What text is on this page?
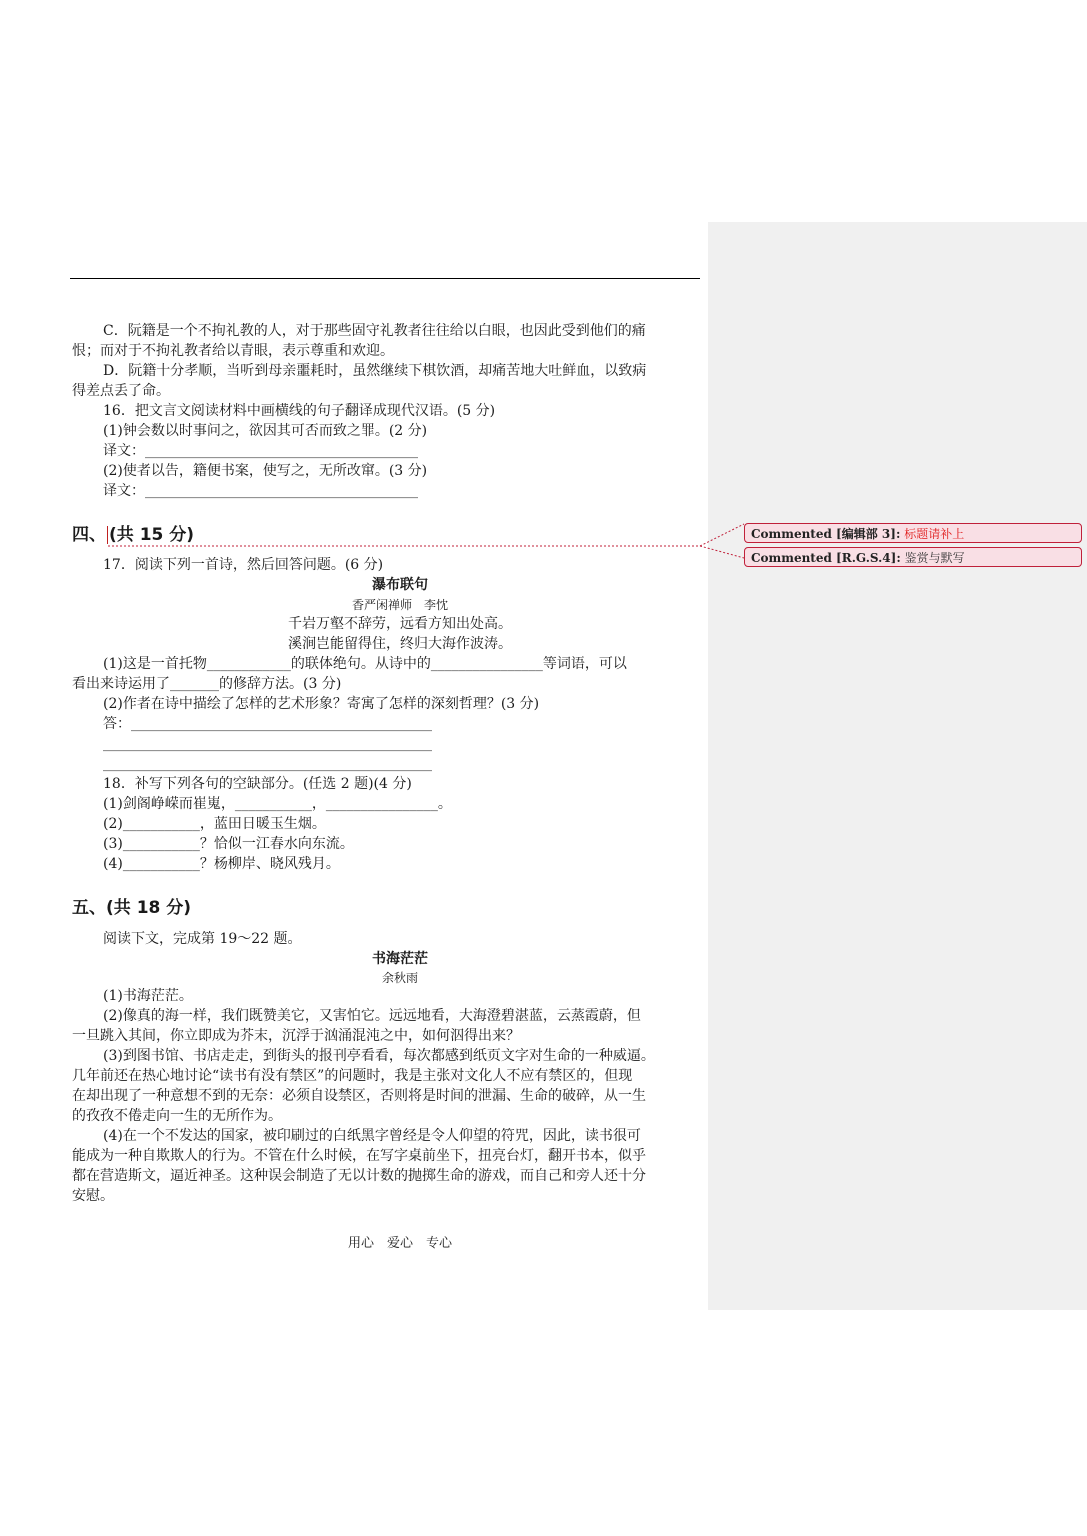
C．阮籍是一个不拘礼教的人，对于那些固守礼教者往往给以白眼，也因此受到他们的痛
恨；而对于不拘礼教者给以青眼，表示尊重和欢迎。
D．阮籍十分孝顺，当听到母亲噩耗时，虽然继续下棋饮酒，却痛苦地大吐鲜血，以致病
得差点丢了命。
16．把文言文阅读材料中画横线的句子翻译成现代汉语。(5 分)
(1)钟会数以时事问之，欲因其可否而致之罪。(2 分)
译文：_______________________________________
(2)使者以告，籍便书案，使写之，无所改窜。(3 分)
译文：_______________________________________
四、 (共 15 分)
17．阅读下列一首诗，然后回答问题。(6 分)
瀑布联句
香严闲禅师　李忱
千岩万壑不辞劳，远看方知出处高。
溪涧岂能留得住，终归大海作波涛。
(1)这是一首托物____________的联体绝句。从诗中的________________等词语，可以
看出来诗运用了_______的修辞方法。(3 分)
(2)作者在诗中描绘了怎样的艺术形象？寄寓了怎样的深刻哲理？(3 分)
答：___________________________________________
_______________________________________________
_______________________________________________
18．补写下列各句的空缺部分。(任选 2 题)(4 分)
(1)剑阁峥嵘而崔嵬，___________，________________。
(2)___________，蓝田日暖玉生烟。
(3)___________？恰似一江春水向东流。
(4)___________？杨柳岸、晓风残月。
五、(共 18 分)
阅读下文，完成第 19～22 题。
书海茫茫
余秋雨
(1)书海茫茫。
(2)像真的海一样，我们既赞美它，又害怕它。远远地看，大海澄碧湛蓝，云蒸霞蔚，但
一旦跳入其间，你立即成为芥末，沉浮于汹涌混沌之中，如何泅得出来？
(3)到图书馆、书店走走，到街头的报刊亭看看，每次都感到纸页文字对生命的一种威逼。
几年前还在热心地讨论“读书有没有禁区”的问题时，我是主张对文化人不应有禁区的，但现
在却出现了一种意想不到的无奈：必须自设禁区，否则将是时间的泄漏、生命的破碎，从一生
的孜孜不倦走向一生的无所作为。
(4)在一个不发达的国家，被印刷过的白纸黑字曾经是令人仰望的符咒，因此，读书很可
能成为一种自欺欺人的行为。不管在什么时候，在写字桌前坐下，扭亮台灯，翻开书本，似乎
都在营造斯文，逼近神圣。这种误会制造了无以计数的抛掷生命的游戏，而自己和旁人还十分
安慰。
用心　爱心　专心
Commented [编辑部 3]: 标题请补上
Commented [R.G.S.4]: 鉴赏与默写
